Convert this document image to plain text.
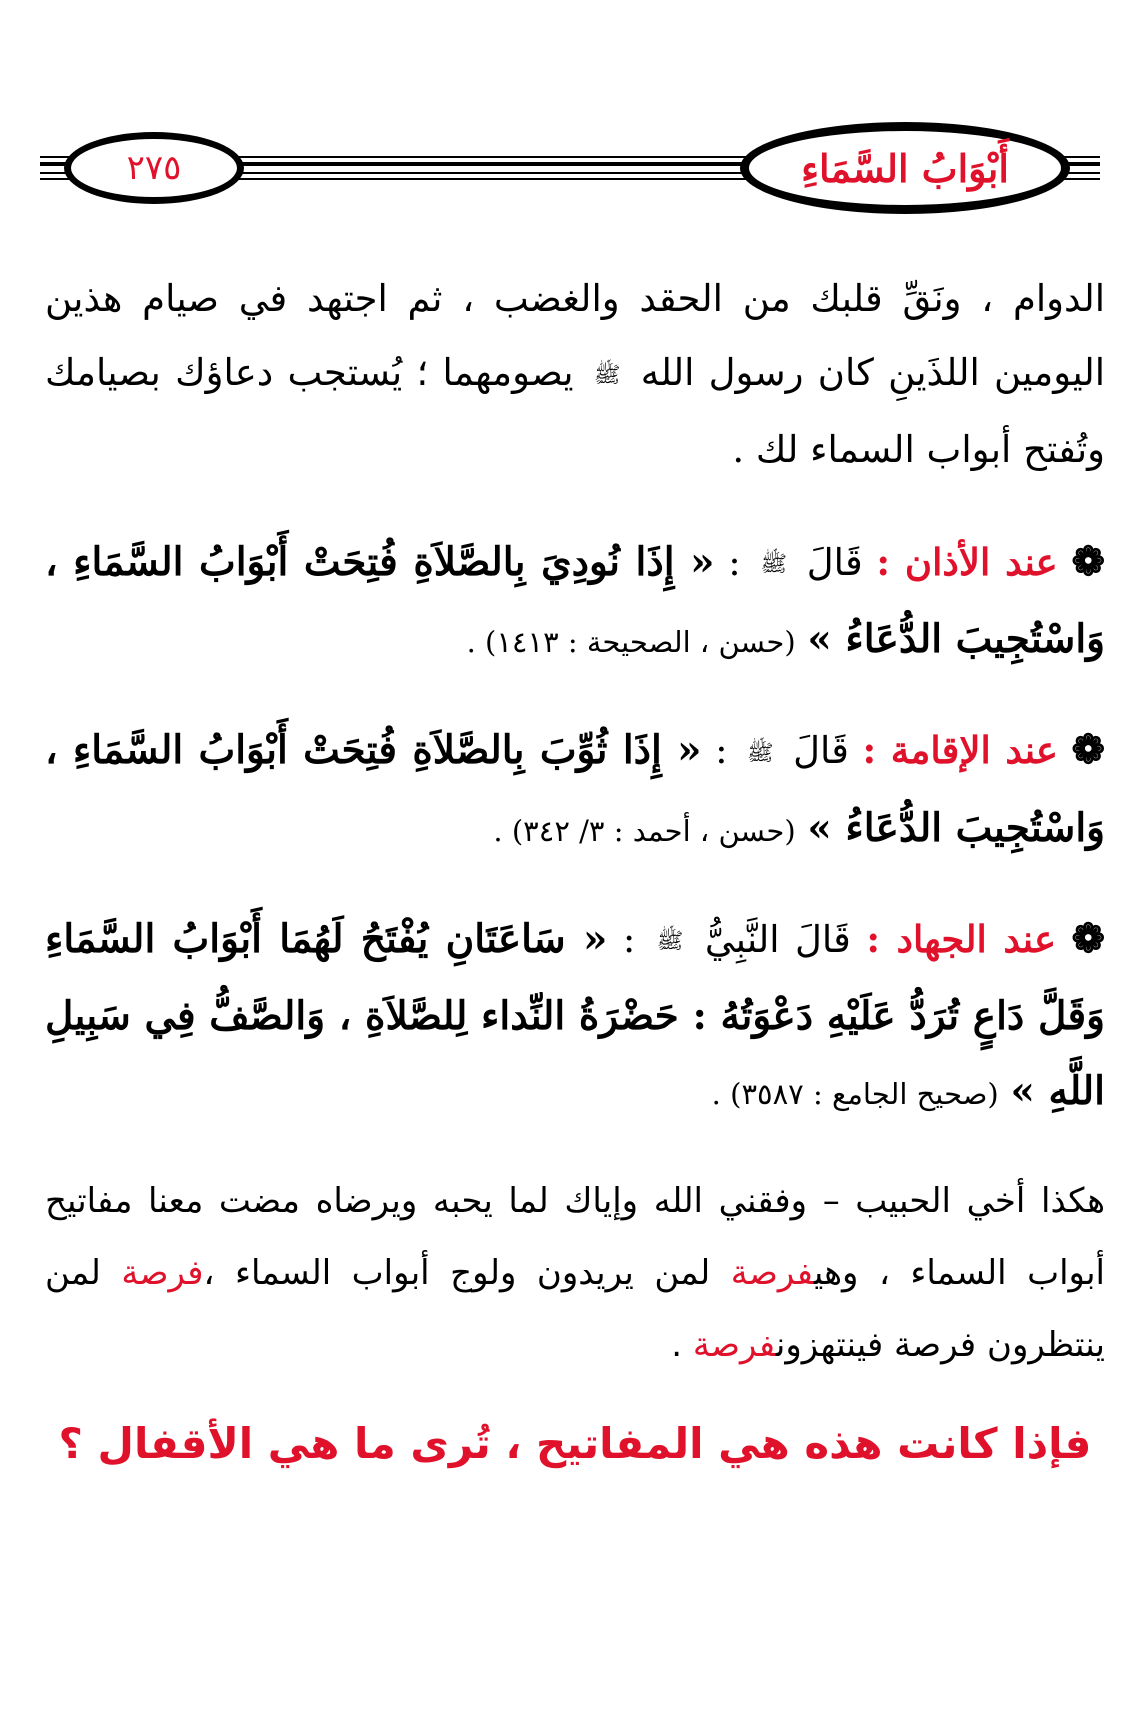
٢٧٥	أَبْوَابُ السَّمَاءِ

الدوام ، ونَقِّ قلبك من الحقد والغضب ، ثم اجتهد في صيام هذين اليومين اللذَينِ كان رسول الله ﷺ يصومهما ؛ يُستجب دعاؤك بصيامك وتُفتح أبواب السماء لك .

❁ عند الأذان : قَالَ ﷺ : « إِذَا نُودِيَ بِالصَّلاَةِ فُتِحَتْ أَبْوَابُ السَّمَاءِ ، وَاسْتُجِيبَ الدُّعَاءُ » (حسن ، الصحيحة : ١٤١٣) .

❁ عند الإقامة : قَالَ ﷺ : « إِذَا ثُوِّبَ بِالصَّلاَةِ فُتِحَتْ أَبْوَابُ السَّمَاءِ ، وَاسْتُجِيبَ الدُّعَاءُ » (حسن ، أحمد : ٣/ ٣٤٢) .

❁ عند الجهاد : قَالَ النَّبِيُّ ﷺ : « سَاعَتَانِ يُفْتَحُ لَهُمَا أَبْوَابُ السَّمَاءِ وَقَلَّ دَاعٍ تُرَدُّ عَلَيْهِ دَعْوَتُهُ : حَضْرَةُ النِّداء لِلصَّلاَةِ ، وَالصَّفُّ فِي سَبِيلِ اللَّهِ » (صحيح الجامع : ٣٥٨٧) .

هكذا أخي الحبيب – وفقني الله وإياك لما يحبه ويرضاه مضت معنا مفاتيح أبواب السماء ، وهيفرصة لمن يريدون ولوج أبواب السماء ،فرصة لمن ينتظرون فرصة فينتهزونفرصة .

فإذا كانت هذه هي المفاتيح ، تُرى ما هي الأقفال ؟
